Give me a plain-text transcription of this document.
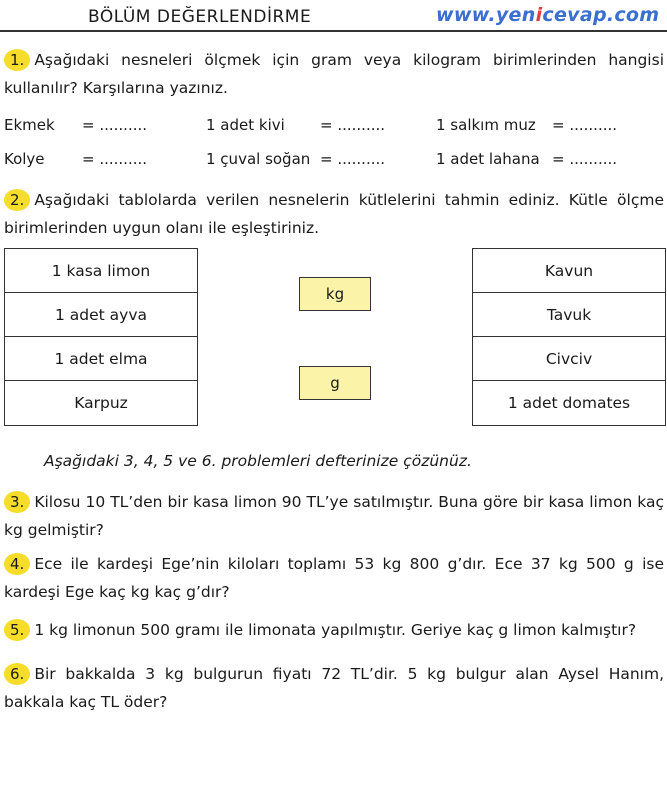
BÖLÜM DEĞERLENDİRME	www.yenicevap.com
1. Aşağıdaki nesneleri ölçmek için gram veya kilogram birimlerinden hangisi kullanılır? Karşılarına yazınız.
Ekmek = ..........	1 adet kivi = ..........	1 salkım muz = ..........
Kolye = ..........	1 çuval soğan = ..........	1 adet lahana = ..........
2. Aşağıdaki tablolarda verilen nesnelerin kütlelerini tahmin ediniz. Kütle ölçme birimlerinden uygun olanı ile eşleştiriniz.
1 kasa limon
1 adet ayva
1 adet elma
Karpuz
kg
g
Kavun
Tavuk
Civciv
1 adet domates
Aşağıdaki 3, 4, 5 ve 6. problemleri defterinize çözünüz.
3. Kilosu 10 TL’den bir kasa limon 90 TL’ye satılmıştır. Buna göre bir kasa limon kaç kg gelmiştir?
4. Ece ile kardeşi Ege’nin kiloları toplamı 53 kg 800 g’dır. Ece 37 kg 500 g ise kardeşi Ege kaç kg kaç g’dır?
5. 1 kg limonun 500 gramı ile limonata yapılmıştır. Geriye kaç g limon kalmıştır?
6. Bir bakkalda 3 kg bulgurun fiyatı 72 TL’dir. 5 kg bulgur alan Aysel Hanım, bakkala kaç TL öder?
